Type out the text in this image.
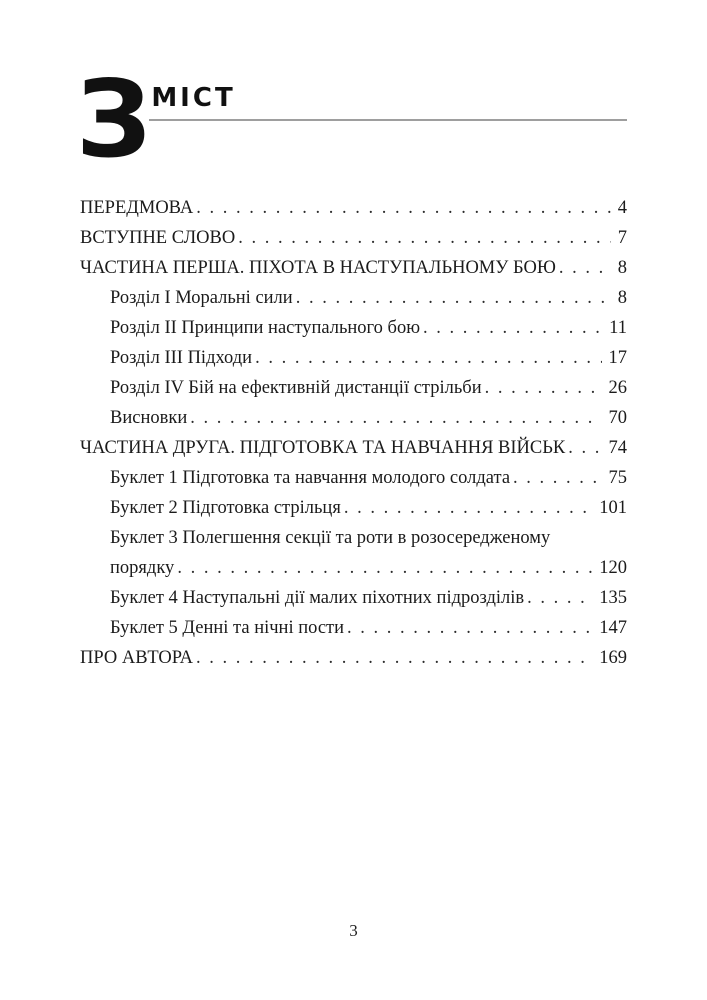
З МІСТ
ПЕРЕДМОВА . . .	4
ВСТУПНЕ СЛОВО . . .	7
ЧАСТИНА ПЕРША. ПІХОТА В НАСТУПАЛЬНОМУ БОЮ . . .	8
Розділ I Моральні сили . . .	8
Розділ II Принципи наступального бою . . .	11
Розділ III Підходи . . .	17
Розділ IV Бій на ефективній дистанції стрільби . . .	26
Висновки . . .	70
ЧАСТИНА ДРУГА. ПІДГОТОВКА ТА НАВЧАННЯ ВІЙСЬК . . .	74
Буклет 1 Підготовка та навчання молодого солдата . . .	75
Буклет 2 Підготовка стрільця . . .	101
Буклет 3 Полегшення секції та роти в розосередженому
порядку . . .	120
Буклет 4 Наступальні дії малих піхотних підрозділів . . .	135
Буклет 5 Денні та нічні пости . . .	147
ПРО АВТОРА . . .	169
3
